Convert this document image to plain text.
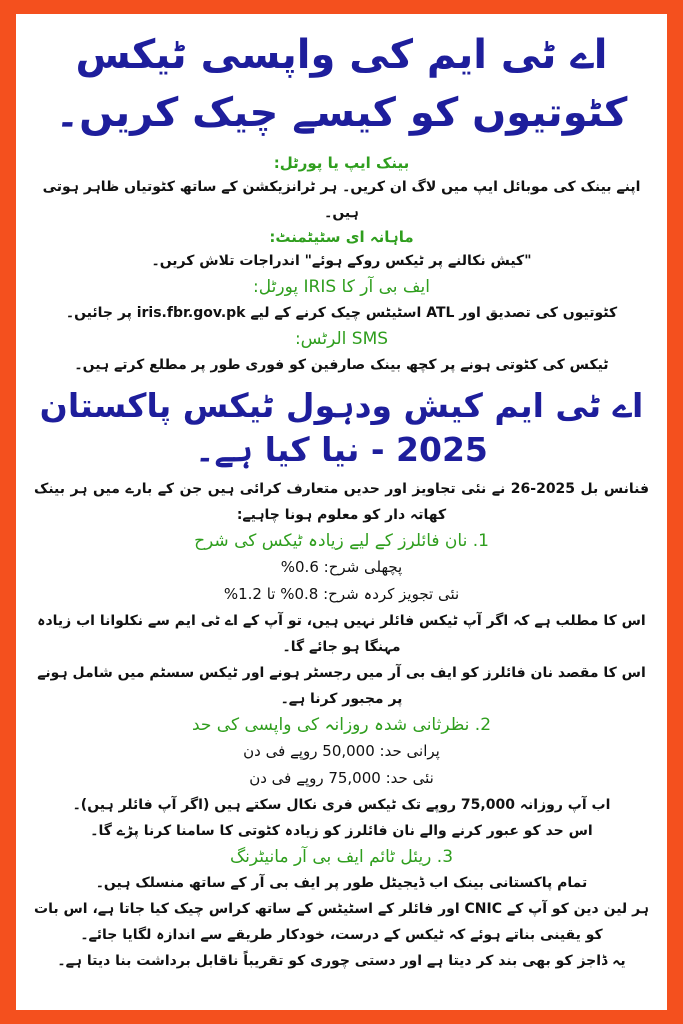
اے ٹی ایم کی واپسی ٹیکس کٹوتیوں کو کیسے چیک کریں۔
بینک ایپ یا پورٹل:
اپنے بینک کی موبائل ایپ میں لاگ ان کریں۔ ہر ٹرانزیکشن کے ساتھ کٹوتیاں ظاہر ہوتی ہیں۔
ماہانہ ای سٹیٹمنٹ:
"کیش نکالنے پر ٹیکس روکے ہوئے" اندراجات تلاش کریں۔
ایف بی آر کا IRIS پورٹل:
کٹوتیوں کی تصدیق اور ATL اسٹیٹس چیک کرنے کے لیے iris.fbr.gov.pk پر جائیں۔
SMS الرٹس:
ٹیکس کی کٹوتی ہونے پر کچھ بینک صارفین کو فوری طور پر مطلع کرتے ہیں۔
اے ٹی ایم کیش ودہول ٹیکس پاکستان 2025 - نیا کیا ہے۔
فنانس بل 2025-26 نے نئی تجاویز اور حدیں متعارف کرائی ہیں جن کے بارے میں ہر بینک کھاتہ دار کو معلوم ہونا چاہیے:
1. نان فائلرز کے لیے زیادہ ٹیکس کی شرح
پچھلی شرح: 0.6%
نئی تجویز کردہ شرح: 0.8% تا 1.2%
اس کا مطلب ہے کہ اگر آپ ٹیکس فائلر نہیں ہیں، تو آپ کے اے ٹی ایم سے نکلوانا اب زیادہ مہنگا ہو جائے گا۔
اس کا مقصد نان فائلرز کو ایف بی آر میں رجسٹر ہونے اور ٹیکس سسٹم میں شامل ہونے پر مجبور کرنا ہے۔
2. نظرثانی شدہ روزانہ کی واپسی کی حد
پرانی حد: 50,000 روپے فی دن
نئی حد: 75,000 روپے فی دن
اب آپ روزانہ 75,000 روپے تک ٹیکس فری نکال سکتے ہیں (اگر آپ فائلر ہیں)۔
اس حد کو عبور کرنے والے نان فائلرز کو زیادہ کٹوتی کا سامنا کرنا پڑے گا۔
3. ریئل ٹائم ایف بی آر مانیٹرنگ
تمام پاکستانی بینک اب ڈیجیٹل طور پر ایف بی آر کے ساتھ منسلک ہیں۔
ہر لین دین کو آپ کے CNIC اور فائلر کے اسٹیٹس کے ساتھ کراس چیک کیا جاتا ہے، اس بات کو یقینی بناتے ہوئے کہ ٹیکس کے درست، خودکار طریقے سے اندازہ لگایا جائے۔
یہ ڈاجز کو بھی بند کر دیتا ہے اور دستی چوری کو تقریباً ناقابل برداشت بنا دیتا ہے۔
